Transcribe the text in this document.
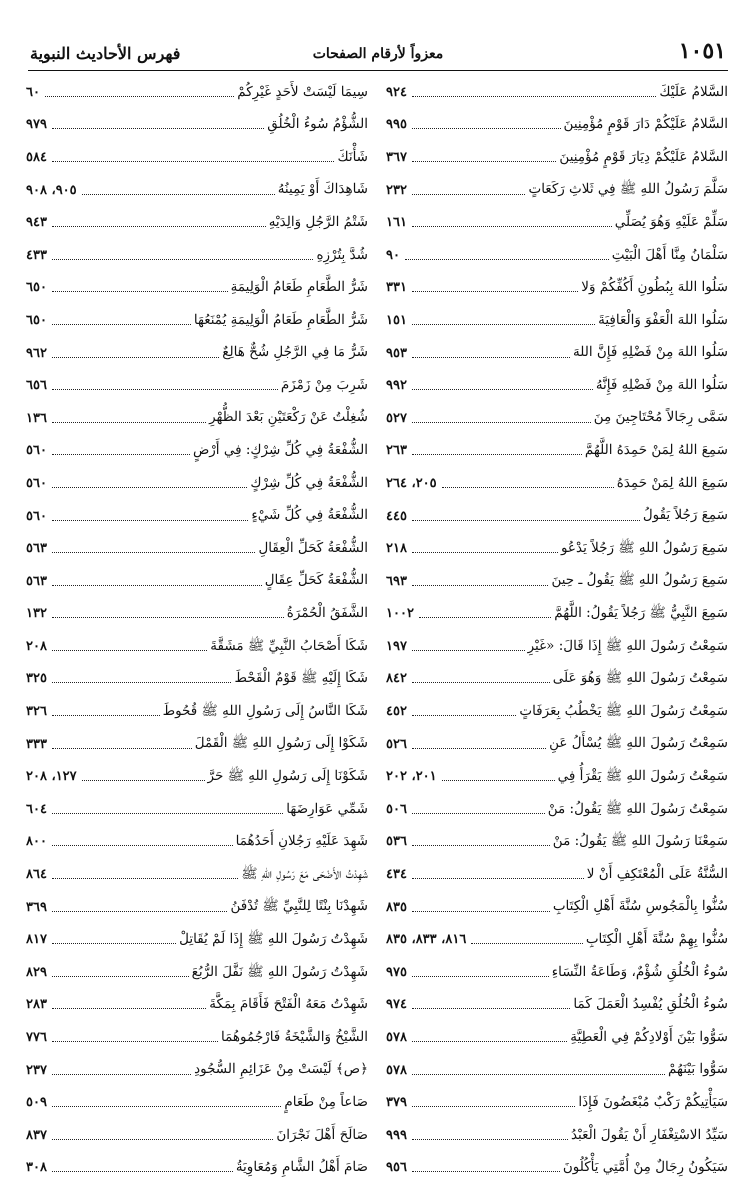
١٠٥١
معزواً لأرقام الصفحات
فهرس الأحاديث النبوية
٩٢٤	السَّلامُ عَلَيْكَ
٩٩٥	السَّلامُ عَلَيْكُمْ دَارَ قَوْمٍ مُؤْمِنِينَ
٣٦٧	السَّلامُ عَلَيْكُمْ دِيَارَ قَوْمٍ مُؤْمِنِينَ
٢٣٢	سَلَّمَ رَسُولُ اللهِ ﷺ فِي ثَلاثِ رَكَعَاتٍ
١٦١	سَلِّمْ عَلَيْهِ وَهُوَ يُصَلِّي
٩٠	سَلْمَانُ مِنَّا أَهْلَ الْبَيْتِ
٣٣١	سَلُوا اللهَ بِبُطُونِ أَكُفِّكُمْ وَلا
١٥١	سَلُوا اللهَ الْعَفْوَ وَالْعَافِيَةَ
٩٥٣	سَلُوا اللهَ مِنْ فَضْلِهِ فَإِنَّ اللهَ
٩٩٢	سَلُوا اللهَ مِنْ فَضْلِهِ فَإِنَّهُ
٥٢٧	سَمَّى رِجَالاً مُحْتَاجِينَ مِنَ
٢٦٣	سَمِعَ اللهُ لِمَنْ حَمِدَهُ اللَّهُمَّ
٢٠٥، ٢٦٤	سَمِعَ اللهُ لِمَنْ حَمِدَهُ
٤٤٥	سَمِعَ رَجُلاً يَقُولُ
٢١٨	سَمِعَ رَسُولُ اللهِ ﷺ رَجُلاً يَدْعُو
٦٩٣	سَمِعَ رَسُولُ اللهِ ﷺ يَقُولُ ـ حِينَ
١٠٠٢	سَمِعَ النَّبِيُّ ﷺ رَجُلاً يَقُولُ: اللَّهُمَّ
١٩٧	سَمِعْتُ رَسُولَ اللهِ ﷺ إِذَا قَالَ: «غَيْرِ
٨٤٢	سَمِعْتُ رَسُولَ اللهِ ﷺ وَهُوَ عَلَى
٤٥٢	سَمِعْتُ رَسُولَ اللهِ ﷺ يَخْطُبُ بِعَرَفَاتٍ
٥٢٦	سَمِعْتُ رَسُولَ اللهِ ﷺ يُسْأَلُ عَنِ
٢٠١، ٢٠٢	سَمِعْتُ رَسُولَ اللهِ ﷺ يَقْرَأُ فِي
٥٠٦	سَمِعْتُ رَسُولَ اللهِ ﷺ يَقُولُ: مَنْ
٥٣٦	سَمِعْنَا رَسُولَ اللهِ ﷺ يَقُولُ: مَنْ
٤٣٤	السُّنَّةُ عَلَى الْمُعْتَكِفِ أَنْ لا
٨٣٥	سُنُّوا بِالْمَجُوسِ سُنَّةَ أَهْلِ الْكِتَابِ
٨١٦، ٨٣٣، ٨٣٥	سُنُّوا بِهِمْ سُنَّةَ أَهْلِ الْكِتَابِ
٩٧٥	سُوءُ الْخُلُقِ شُؤْمٌ، وَطَاعَةُ النِّسَاءِ
٩٧٤	سُوءُ الْخُلُقِ يُفْسِدُ الْعَمَلَ كَمَا
٥٧٨	سَوُّوا بَيْنَ أَوْلادِكُمْ فِي الْعَطِيَّةِ
٥٧٨	سَوُّوا بَيْنَهُمْ
٣٧٩	سَيَأْتِيكُمْ رَكْبٌ مُبْغَضُونَ فَإِذَا
٩٩٩	سَيِّدُ الاسْتِغْفَارِ أَنْ يَقُولَ الْعَبْدُ
٩٥٦	سَيَكُونُ رِجَالٌ مِنْ أُمَّتِي يَأْكُلُونَ
٦٠	سِيمَا لَيْسَتْ لأَحَدٍ غَيْرِكُمْ
٩٧٩	الشُّؤْمُ سُوءُ الْخُلُقِ
٥٨٤	شَأْنَكَ
٩٠٥، ٩٠٨	شَاهِدَاكَ أَوْ يَمِينُهُ
٩٤٣	شَتْمُ الرَّجُلِ وَالِدَيْهِ
٤٣٣	شُدَّ بِتُرْزِهِ
٦٥٠	شَرُّ الطَّعَامِ طَعَامُ الْوَلِيمَةِ
٦٥٠	شَرُّ الطَّعَامِ طَعَامُ الْوَلِيمَةِ يُمْنَعُهَا
٩٦٢	شَرُّ مَا فِي الرَّجُلِ شُحٌّ هَالِعٌ
٦٥٦	شَرِبَ مِنْ زَمْزَمَ
١٣٦	شُغِلْتُ عَنْ رَكْعَتَيْنِ بَعْدَ الظُّهْرِ
٥٦٠	الشُّفْعَةُ فِي كُلِّ شِرْكٍ: فِي أَرْضٍ
٥٦٠	الشُّفْعَةُ فِي كُلِّ شِرْكٍ
٥٦٠	الشُّفْعَةُ فِي كُلِّ شَيْءٍ
٥٦٣	الشُّفْعَةُ كَحَلِّ الْعِقَالِ
٥٦٣	الشُّفْعَةُ كَحَلِّ عِقَالٍ
١٣٢	الشَّفَقُ الْحُمْرَةُ
٢٠٨	شَكَا أَصْحَابُ النَّبِيِّ ﷺ مَشَقَّةَ
٣٢٥	شَكَا إِلَيْهِ ﷺ قَوْمٌ الْقَحْطَ
٣٢٦	شَكَا النَّاسُ إِلَى رَسُولِ اللهِ ﷺ قُحُوطَ
٣٣٣	شَكَوْا إِلَى رَسُولِ اللهِ ﷺ الْقَمْلَ
١٢٧، ٢٠٨	شَكَوْنَا إِلَى رَسُولِ اللهِ ﷺ حَرَّ
٦٠٤	شَمِّي عَوَارِضَهَا
٨٠٠	شَهِدَ عَلَيْهِ رَجُلانِ أَحَدُهُمَا
٨٦٤	شَهِدْتُ الأَضْحَى مَعَ رَسُولِ اللهِ ﷺ
٣٦٩	شَهِدْنَا بِنْتًا لِلنَّبِيِّ ﷺ تُدْفَنُ
٨١٧	شَهِدْتُ رَسُولَ اللهِ ﷺ إِذَا لَمْ يُقَاتِلْ
٨٢٩	شَهِدْتُ رَسُولَ اللهِ ﷺ نَفَّلَ الرُّبُعَ
٢٨٣	شَهِدْتُ مَعَهُ الْفَتْحَ فَأَقَامَ بِمَكَّةَ
٧٧٦	الشَّيْخُ وَالشَّيْخَةُ فَارْجُمُوهُمَا
٢٣٧	﴿ص﴾ لَيْسَتْ مِنْ عَزَائِمِ السُّجُودِ
٥٠٩	صَاعاً مِنْ طَعَامٍ
٨٣٧	صَالَحَ أَهْلَ نَجْرَانَ
٣٠٨	صَامَ أَهْلُ الشَّامِ وَمُعَاوِيَةُ
